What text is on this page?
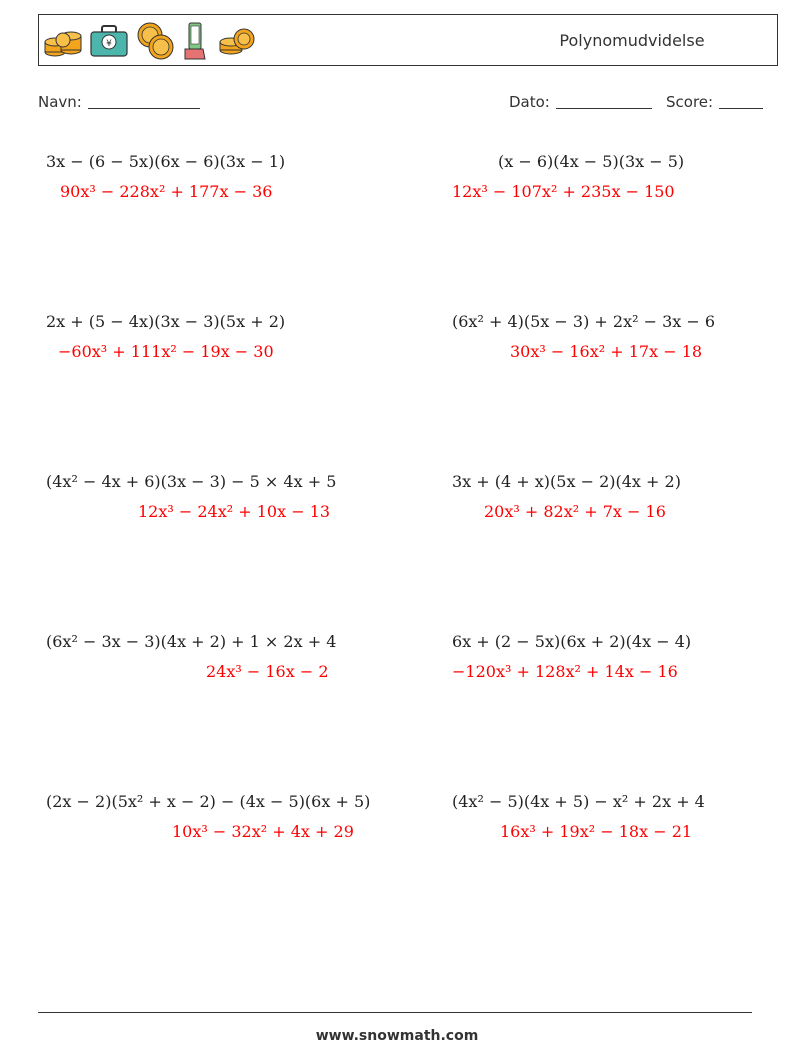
¥	Polynomudvidelse
Navn:	Dato:	Score:
3x − (6 − 5x)(6x − 6)(3x − 1)
90x³ − 228x² + 177x − 36
(x − 6)(4x − 5)(3x − 5)
12x³ − 107x² + 235x − 150
2x + (5 − 4x)(3x − 3)(5x + 2)
−60x³ + 111x² − 19x − 30
(6x² + 4)(5x − 3) + 2x² − 3x − 6
30x³ − 16x² + 17x − 18
(4x² − 4x + 6)(3x − 3) − 5 × 4x + 5
12x³ − 24x² + 10x − 13
3x + (4 + x)(5x − 2)(4x + 2)
20x³ + 82x² + 7x − 16
(6x² − 3x − 3)(4x + 2) + 1 × 2x + 4
24x³ − 16x − 2
6x + (2 − 5x)(6x + 2)(4x − 4)
−120x³ + 128x² + 14x − 16
(2x − 2)(5x² + x − 2) − (4x − 5)(6x + 5)
10x³ − 32x² + 4x + 29
(4x² − 5)(4x + 5) − x² + 2x + 4
16x³ + 19x² − 18x − 21
www.snowmath.com
